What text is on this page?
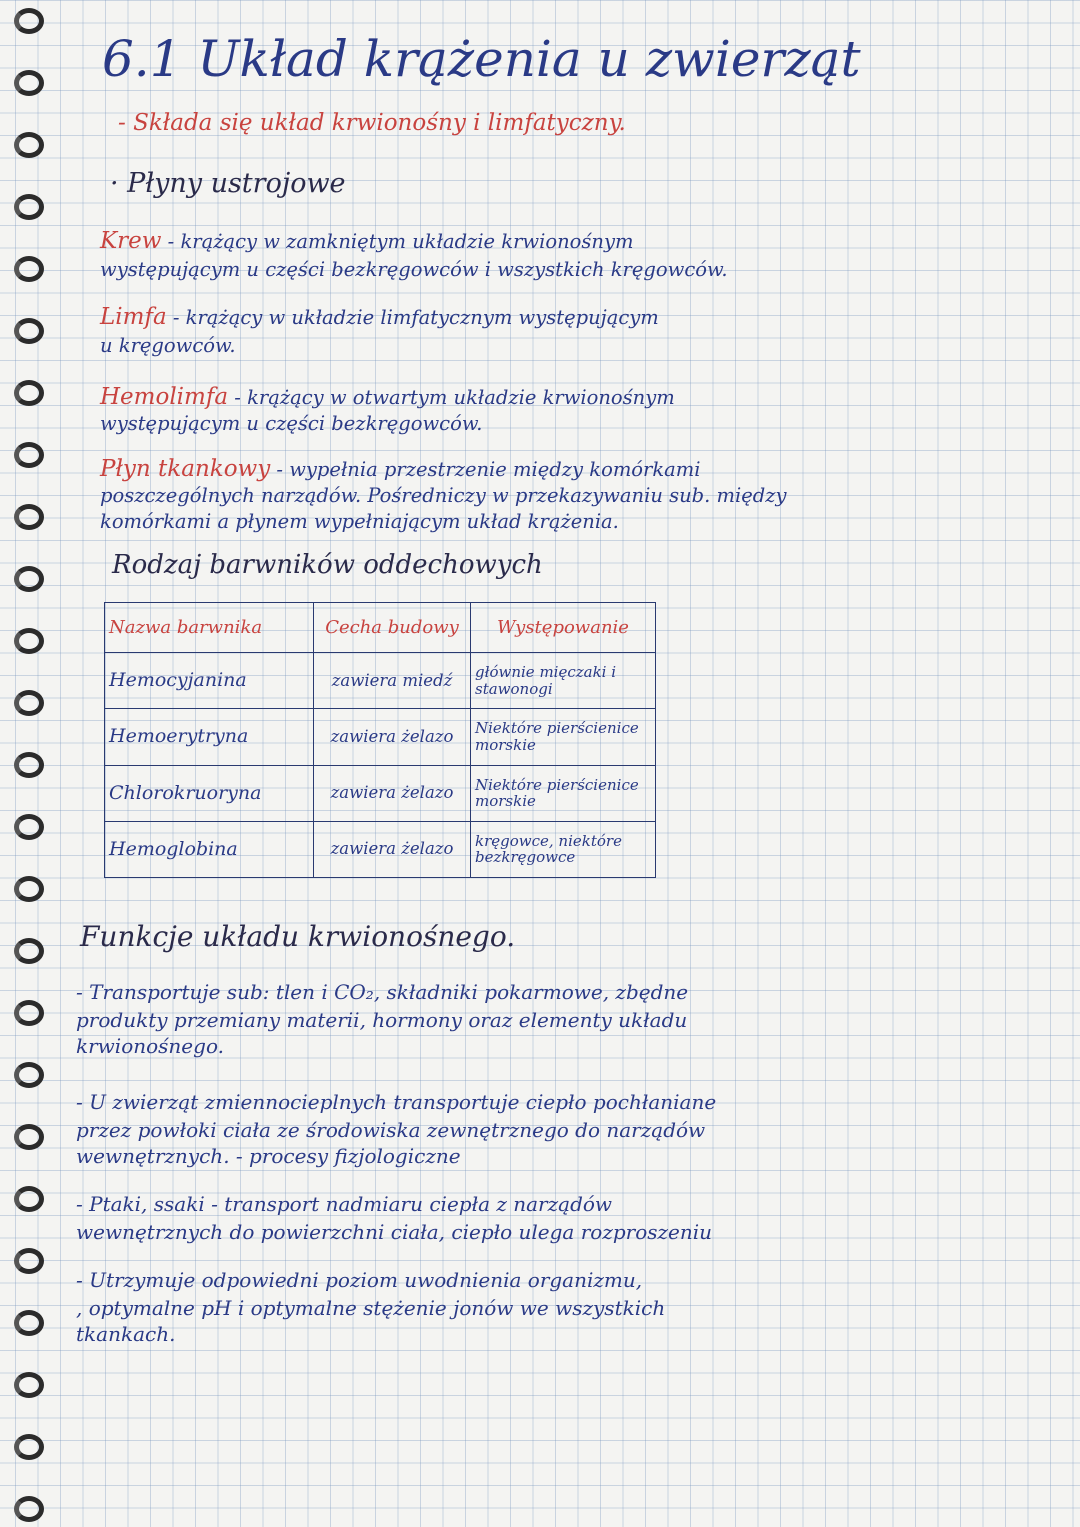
6.1 Układ krążenia u zwierząt
- Składa się układ krwionośny i limfatyczny.
· Płyny ustrojowe
Krew - krążący w zamkniętym układzie krwionośnym
występującym u części bezkręgowców i wszystkich kręgowców.
Limfa - krążący w układzie limfatycznym występującym
u kręgowców.
Hemolimfa - krążący w otwartym układzie krwionośnym
występującym u części bezkręgowców.
Płyn tkankowy - wypełnia przestrzenie między komórkami
poszczególnych narządów. Pośredniczy w przekazywaniu sub. między
komórkami a płynem wypełniającym układ krążenia.
Rodzaj barwników oddechowych
Nazwa barwnika	Cecha budowy	Występowanie
Hemocyjanina	zawiera miedź	głównie mięczaki i stawonogi
Hemoerytryna	zawiera żelazo	Niektóre pierścienice morskie
Chlorokruoryna	zawiera żelazo	Niektóre pierścienice morskie
Hemoglobina	zawiera żelazo	kręgowce, niektóre bezkręgowce
Funkcje układu krwionośnego.
- Transportuje sub: tlen i CO₂, składniki pokarmowe, zbędne
produkty przemiany materii, hormony oraz elementy układu
krwionośnego.
- U zwierząt zmiennocieplnych transportuje ciepło pochłaniane
przez powłoki ciała ze środowiska zewnętrznego do narządów
wewnętrznych. - procesy fizjologiczne
- Ptaki, ssaki - transport nadmiaru ciepła z narządów
wewnętrznych do powierzchni ciała, ciepło ulega rozproszeniu
- Utrzymuje odpowiedni poziom uwodnienia organizmu,
, optymalne pH i optymalne stężenie jonów we wszystkich
tkankach.
